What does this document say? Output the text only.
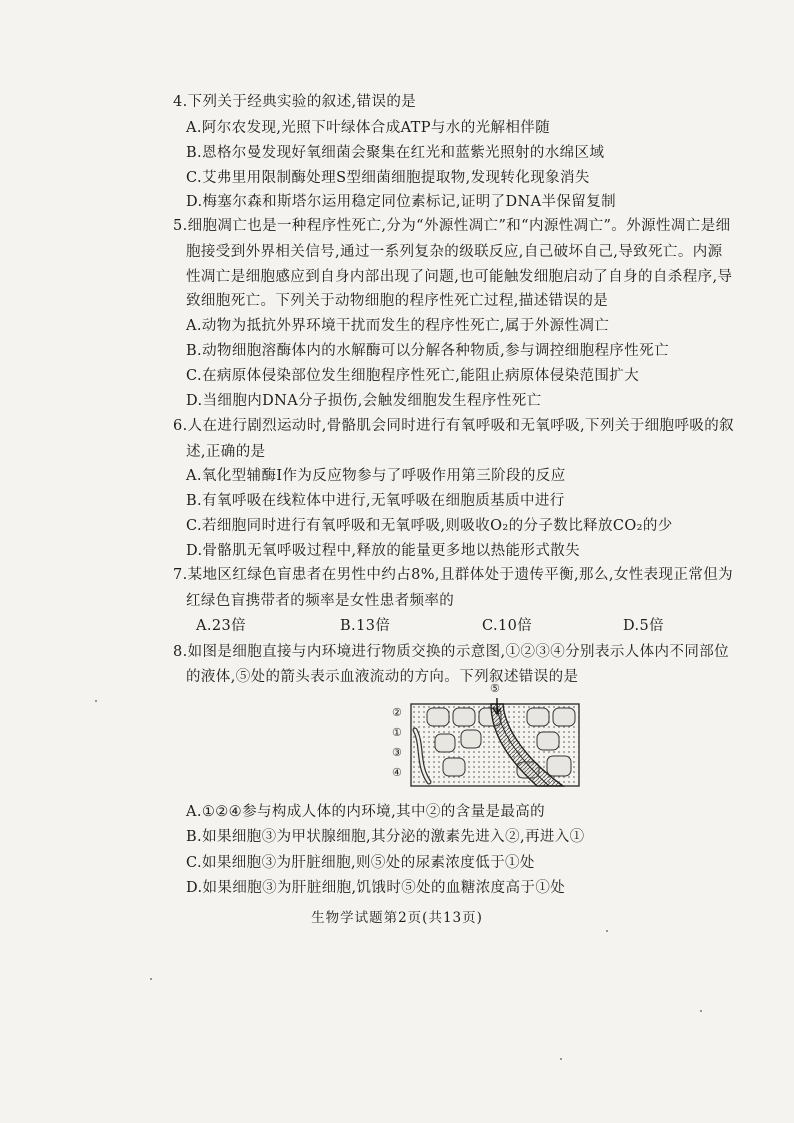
4.下列关于经典实验的叙述,错误的是
A.阿尔农发现,光照下叶绿体合成ATP与水的光解相伴随
B.恩格尔曼发现好氧细菌会聚集在红光和蓝紫光照射的水绵区域
C.艾弗里用限制酶处理S型细菌细胞提取物,发现转化现象消失
D.梅塞尔森和斯塔尔运用稳定同位素标记,证明了DNA半保留复制
5.细胞凋亡也是一种程序性死亡,分为“外源性凋亡”和“内源性凋亡”。外源性凋亡是细
胞接受到外界相关信号,通过一系列复杂的级联反应,自己破坏自己,导致死亡。内源
性凋亡是细胞感应到自身内部出现了问题,也可能触发细胞启动了自身的自杀程序,导
致细胞死亡。下列关于动物细胞的程序性死亡过程,描述错误的是
A.动物为抵抗外界环境干扰而发生的程序性死亡,属于外源性凋亡
B.动物细胞溶酶体内的水解酶可以分解各种物质,参与调控细胞程序性死亡
C.在病原体侵染部位发生细胞程序性死亡,能阻止病原体侵染范围扩大
D.当细胞内DNA分子损伤,会触发细胞发生程序性死亡
6.人在进行剧烈运动时,骨骼肌会同时进行有氧呼吸和无氧呼吸,下列关于细胞呼吸的叙
述,正确的是
A.氧化型辅酶Ⅰ作为反应物参与了呼吸作用第三阶段的反应
B.有氧呼吸在线粒体中进行,无氧呼吸在细胞质基质中进行
C.若细胞同时进行有氧呼吸和无氧呼吸,则吸收O₂的分子数比释放CO₂的少
D.骨骼肌无氧呼吸过程中,释放的能量更多地以热能形式散失
7.某地区红绿色盲患者在男性中约占8%,且群体处于遗传平衡,那么,女性表现正常但为
红绿色盲携带者的频率是女性患者频率的
A.23倍	B.13倍	C.10倍	D.5倍
8.如图是细胞直接与内环境进行物质交换的示意图,①②③④分别表示人体内不同部位
的液体,⑤处的箭头表示血液流动的方向。下列叙述错误的是
⑤
②
①
③
④
A.①②④参与构成人体的内环境,其中②的含量是最高的
B.如果细胞③为甲状腺细胞,其分泌的激素先进入②,再进入①
C.如果细胞③为肝脏细胞,则⑤处的尿素浓度低于①处
D.如果细胞③为肝脏细胞,饥饿时⑤处的血糖浓度高于①处
生物学试题第2页(共13页)
